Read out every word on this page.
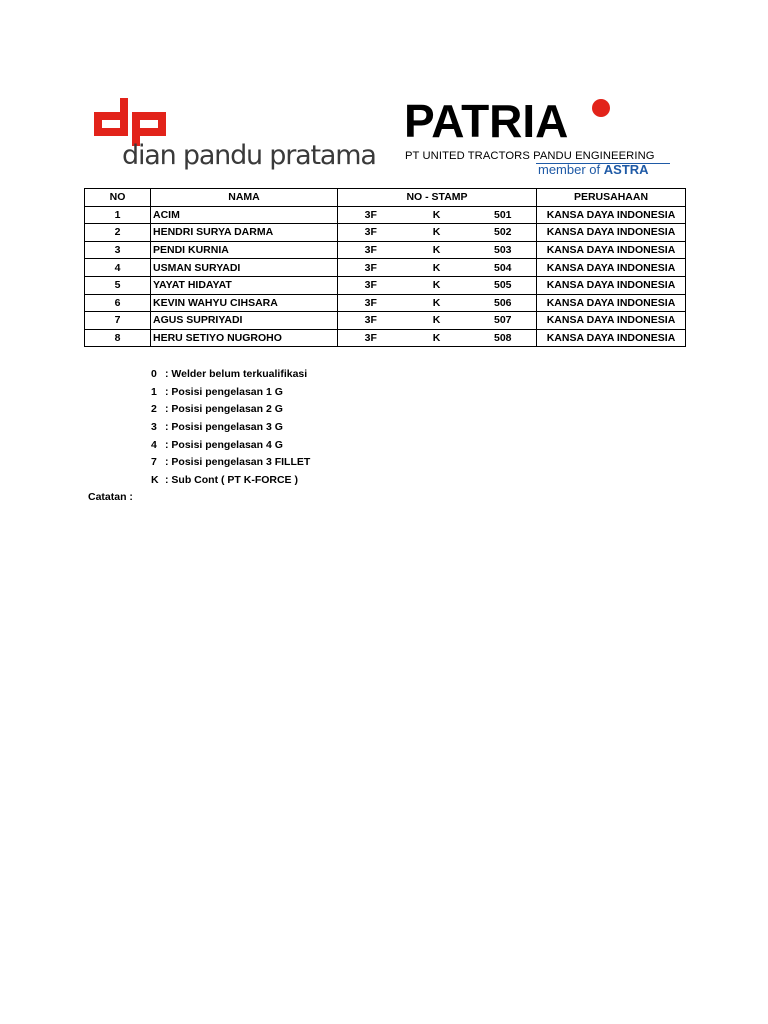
dian pandu pratama
PATRIA
PT UNITED TRACTORS PANDU ENGINEERING
member of ASTRA
NO	NAMA	NO - STAMP			PERUSAHAAN
1	ACIM	3F	K	501	KANSA DAYA INDONESIA
2	HENDRI SURYA DARMA	3F	K	502	KANSA DAYA INDONESIA
3	PENDI KURNIA	3F	K	503	KANSA DAYA INDONESIA
4	USMAN SURYADI	3F	K	504	KANSA DAYA INDONESIA
5	YAYAT HIDAYAT	3F	K	505	KANSA DAYA INDONESIA
6	KEVIN WAHYU CIHSARA	3F	K	506	KANSA DAYA INDONESIA
7	AGUS SUPRIYADI	3F	K	507	KANSA DAYA INDONESIA
8	HERU SETIYO NUGROHO	3F	K	508	KANSA DAYA INDONESIA
0 : Welder belum terkualifikasi
1 : Posisi pengelasan 1 G
2 : Posisi pengelasan 2 G
3 : Posisi pengelasan 3 G
4 : Posisi pengelasan 4 G
7 : Posisi pengelasan 3 FILLET
K : Sub Cont ( PT K-FORCE )
Catatan :
